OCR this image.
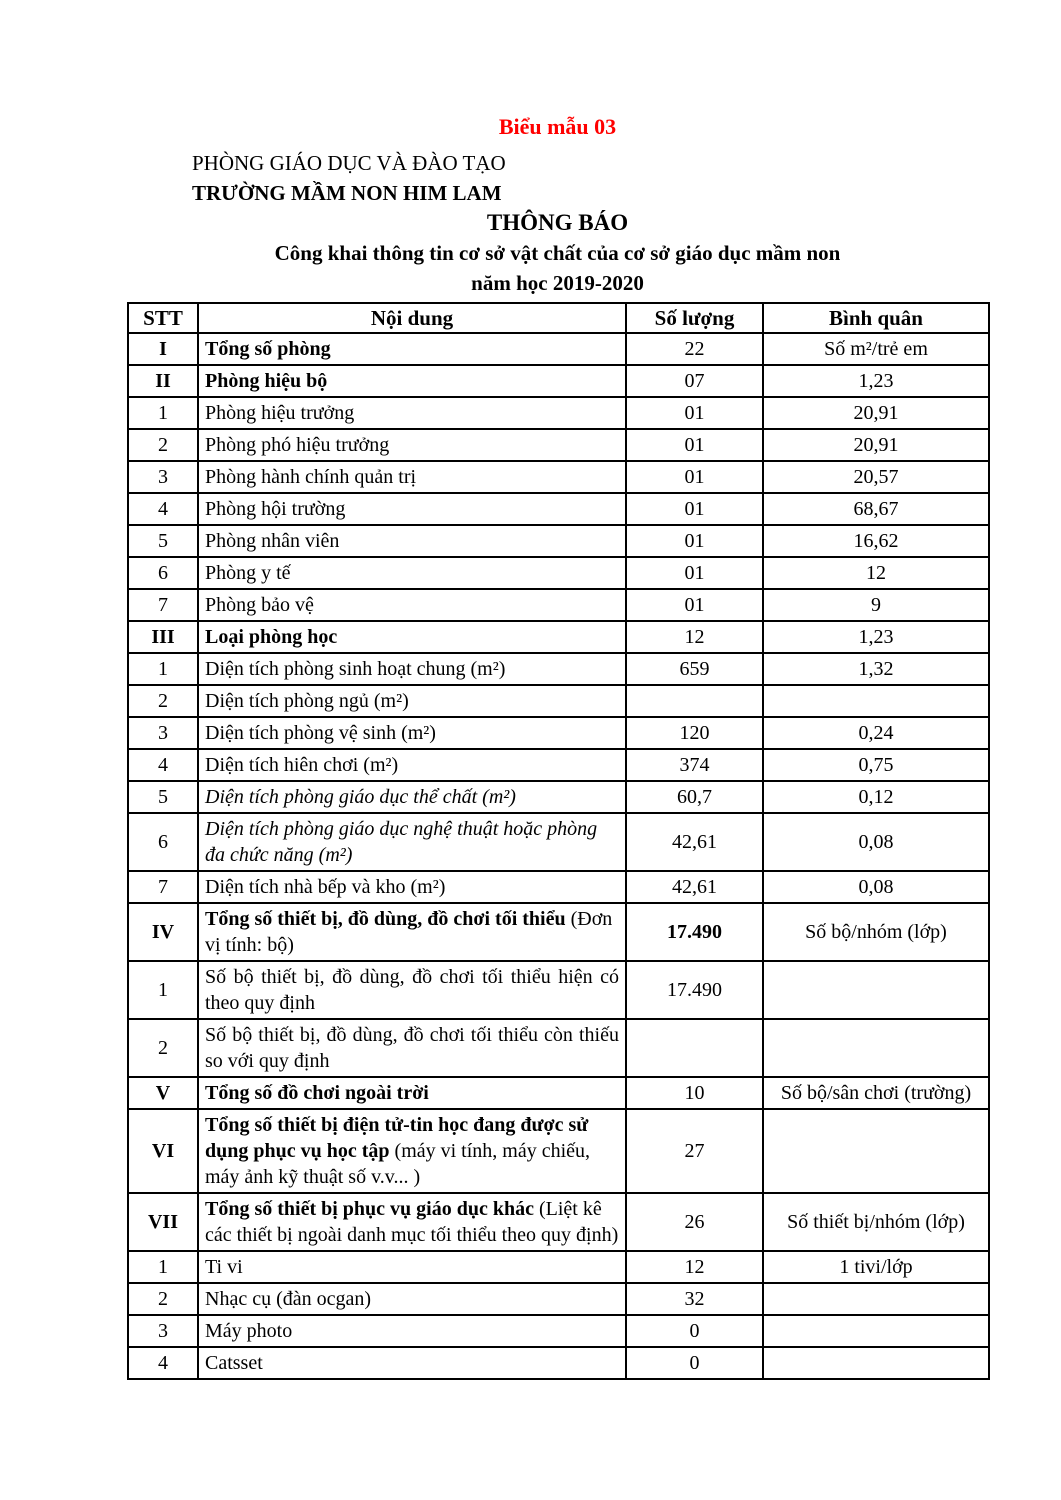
Biểu mẫu 03
PHÒNG GIÁO DỤC VÀ ĐÀO TẠO
TRƯỜNG MẦM NON HIM LAM
THÔNG BÁO
Công khai thông tin cơ sở vật chất của cơ sở giáo dục mầm non
năm học 2019-2020
STT	Nội dung	Số lượng	Bình quân
I	Tổng số phòng	22	Số m²/trẻ em
II	Phòng hiệu bộ	07	1,23
1	Phòng hiệu trưởng	01	20,91
2	Phòng phó hiệu trưởng	01	20,91
3	Phòng hành chính quản trị	01	20,57
4	Phòng hội trường	01	68,67
5	Phòng nhân viên	01	16,62
6	Phòng y tế	01	12
7	Phòng bảo vệ	01	9
III	Loại phòng học	12	1,23
1	Diện tích phòng sinh hoạt chung (m²)	659	1,32
2	Diện tích phòng ngủ (m²)		
3	Diện tích phòng vệ sinh (m²)	120	0,24
4	Diện tích hiên chơi (m²)	374	0,75
5	Diện tích phòng giáo dục thể chất (m²)	60,7	0,12
6	Diện tích phòng giáo dục nghệ thuật hoặc phòng đa chức năng (m²)	42,61	0,08
7	Diện tích nhà bếp và kho (m²)	42,61	0,08
IV	Tổng số thiết bị, đồ dùng, đồ chơi tối thiểu (Đơn vị tính: bộ)	17.490	Số bộ/nhóm (lớp)
1	Số bộ thiết bị, đồ dùng, đồ chơi tối thiểu hiện có theo quy định	17.490	
2	Số bộ thiết bị, đồ dùng, đồ chơi tối thiểu còn thiếu so với quy định		
V	Tổng số đồ chơi ngoài trời	10	Số bộ/sân chơi (trường)
VI	Tổng số thiết bị điện tử-tin học đang được sử dụng phục vụ học tập (máy vi tính, máy chiếu, máy ảnh kỹ thuật số v.v... )	27	
VII	Tổng số thiết bị phục vụ giáo dục khác (Liệt kê các thiết bị ngoài danh mục tối thiểu theo quy định)	26	Số thiết bị/nhóm (lớp)
1	Ti vi	12	1 tivi/lớp
2	Nhạc cụ (đàn ocgan)	32	
3	Máy photo	0	
4	Catsset	0	
